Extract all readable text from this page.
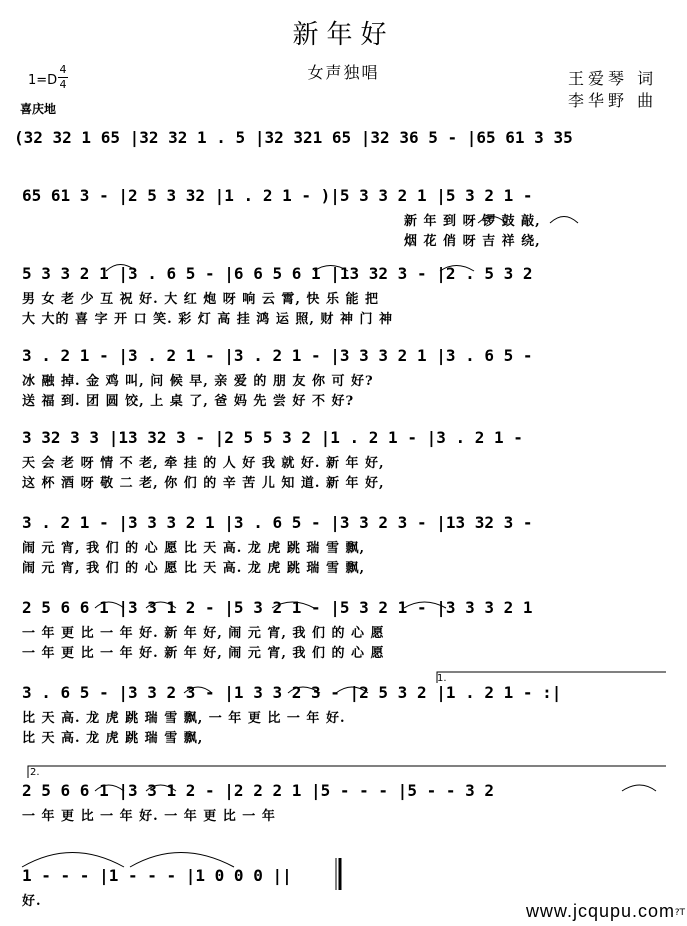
新年好
女声独唱	王爱琴 词
李华野 曲
1=D
4
4
喜庆地
(32 32 1 65 |32 32 1 . 5 |32 321 65 |32 36 5 - |65 61 3 35
65 61 3 - |2 5 3 32 |1 . 2 1 - )|5 3 3 2 1 |5 3 2 1 -
新 年 到 呀 锣 鼓 敲,
烟 花 俏 呀 吉 祥 绕,
5 3 3 2 1 |3 . 6 5 - |6 6 5 6 1 |13 32 3 - |2 . 5 3 2
男 女 老 少 互 祝 好. 大 红 炮 呀 响 云 霄, 快 乐 能 把
大 大的 喜 字 开 口 笑. 彩 灯 高 挂 鸿 运 照, 财 神 门 神
3 . 2 1 - |3 . 2 1 - |3 . 2 1 - |3 3 3 2 1 |3 . 6 5 -
冰 融 掉. 金 鸡 叫, 问 候 早, 亲 爱 的 朋 友 你 可 好?
送 福 到. 团 圆 饺, 上 桌 了, 爸 妈 先 尝 好 不 好?
3 32 3 3 |13 32 3 - |2 5 5 3 2 |1 . 2 1 - |3 . 2 1 -
天 会 老 呀 情 不 老, 牵 挂 的 人 好 我 就 好. 新 年 好,
这 杯 酒 呀 敬 二 老, 你 们 的 辛 苦 儿 知 道. 新 年 好,
3 . 2 1 - |3 3 3 2 1 |3 . 6 5 - |3 3 2 3 - |13 32 3 -
闹 元 宵, 我 们 的 心 愿 比 天 高. 龙 虎 跳 瑞 雪 飘,
闹 元 宵, 我 们 的 心 愿 比 天 高. 龙 虎 跳 瑞 雪 飘,
2 5 6 6 1 |3 3 1 2 - |5 3 2 1 - |5 3 2 1 - |3 3 3 2 1
一 年 更 比 一 年 好. 新 年 好, 闹 元 宵, 我 们 的 心 愿
一 年 更 比 一 年 好. 新 年 好, 闹 元 宵, 我 们 的 心 愿
3 . 6 5 - |3 3 2 3 - |1 3 3 2 3 - |2 5 3 2 |1 . 2 1 - :|
比 天 高. 龙 虎 跳 瑞 雪 飘, 一 年 更 比 一 年 好.
比 天 高. 龙 虎 跳 瑞 雪 飘,
2 5 6 6 1 |3 3 1 2 - |2 2 2 1 |5 - - - |5 - - 3 2
一 年 更 比 一 年 好. 一 年 更 比 一 年
1 - - - |1 - - - |1 0 0 0 ||
好.
1.
2.
www.jcqupu.com ?T
